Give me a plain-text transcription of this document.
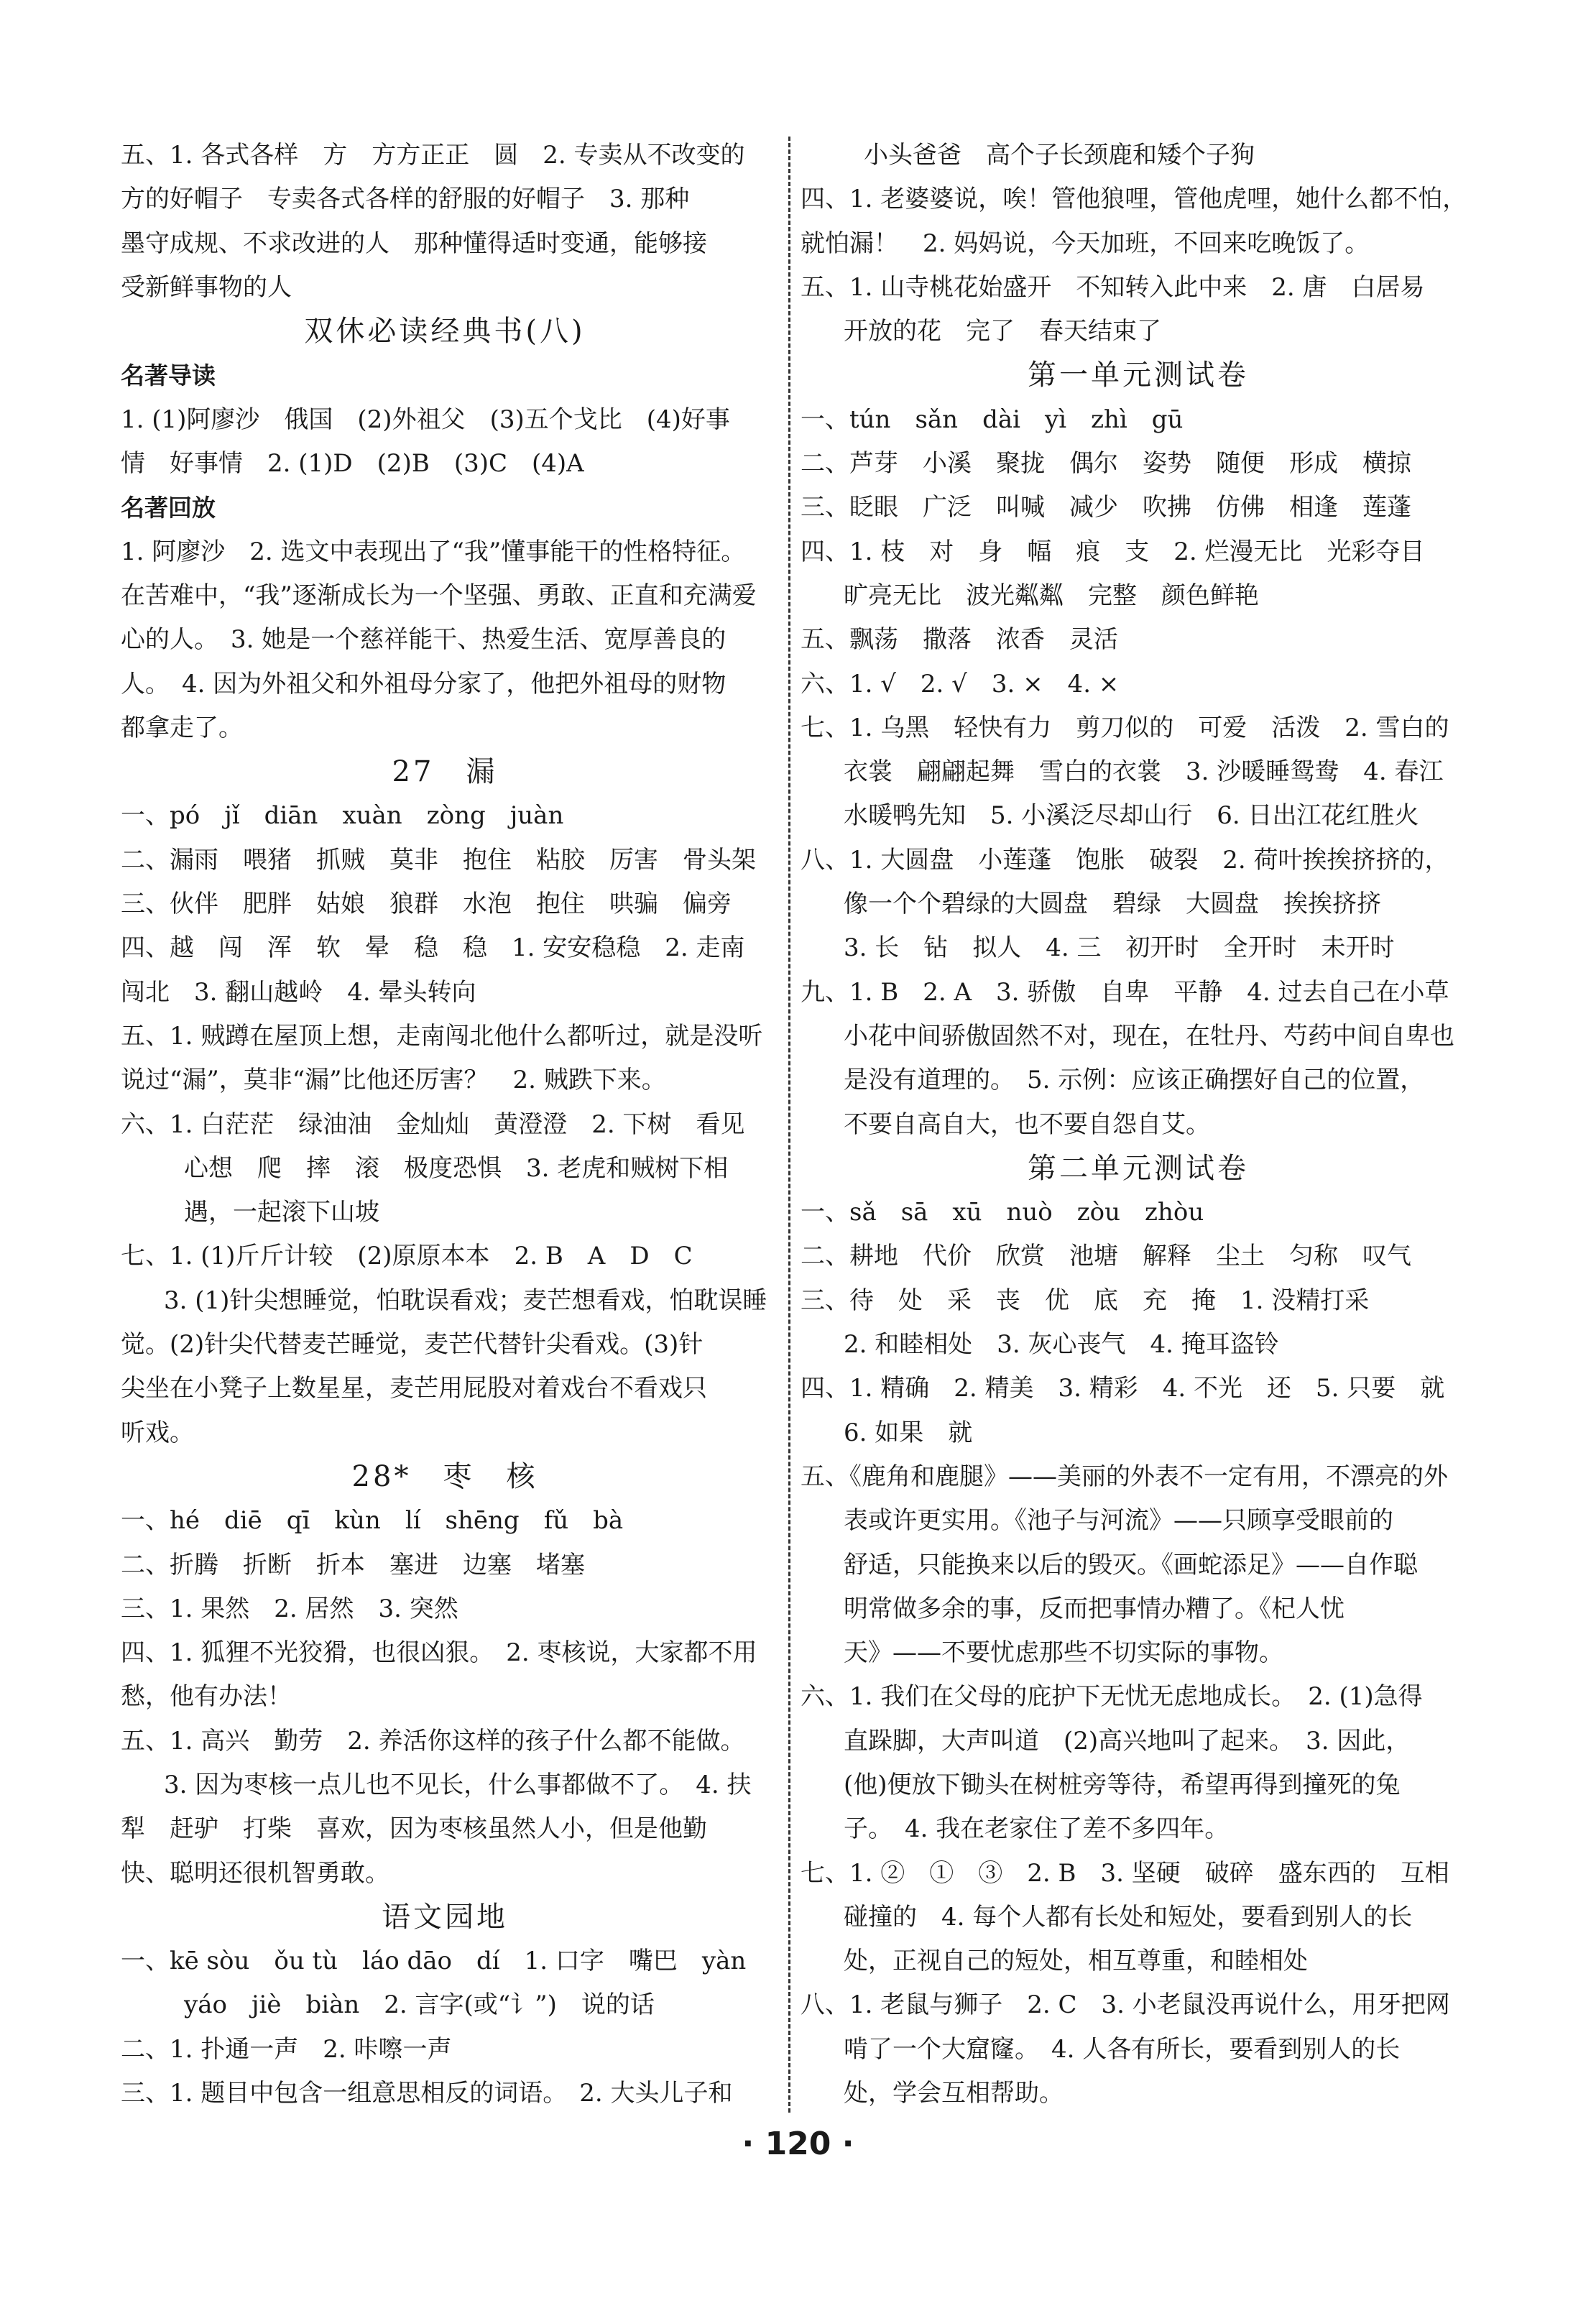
五、1. 各式各样　方　方方正正　圆　2. 专卖从不改变的
方的好帽子　专卖各式各样的舒服的好帽子　3. 那种
墨守成规、不求改进的人　那种懂得适时变通，能够接
受新鲜事物的人
双休必读经典书(八)
名著导读
1. (1)阿廖沙　俄国　(2)外祖父　(3)五个戈比　(4)好事
情　好事情　2. (1)D　(2)B　(3)C　(4)A
名著回放
1. 阿廖沙　2. 选文中表现出了“我”懂事能干的性格特征。
在苦难中，“我”逐渐成长为一个坚强、勇敢、正直和充满爱
心的人。　3. 她是一个慈祥能干、热爱生活、宽厚善良的
人。　4. 因为外祖父和外祖母分家了，他把外祖母的财物
都拿走了。
27　漏
一、pó　jǐ　diān　xuàn　zòng　juàn
二、漏雨　喂猪　抓贼　莫非　抱住　粘胶　厉害　骨头架
三、伙伴　肥胖　姑娘　狼群　水泡　抱住　哄骗　偏旁
四、越　闯　浑　软　晕　稳　稳　1. 安安稳稳　2. 走南
闯北　3. 翻山越岭　4. 晕头转向
五、1. 贼蹲在屋顶上想，走南闯北他什么都听过，就是没听
说过“漏”，莫非“漏”比他还厉害？　2. 贼跌下来。
六、1. 白茫茫　绿油油　金灿灿　黄澄澄　2. 下树　看见
心想　爬　摔　滚　极度恐惧　3. 老虎和贼树下相
遇，一起滚下山坡
七、1. (1)斤斤计较　(2)原原本本　2. B　A　D　C
3. (1)针尖想睡觉，怕耽误看戏；麦芒想看戏，怕耽误睡
觉。(2)针尖代替麦芒睡觉，麦芒代替针尖看戏。(3)针
尖坐在小凳子上数星星，麦芒用屁股对着戏台不看戏只
听戏。
28*　枣　核
一、hé　diē　qī　kùn　lí　shēng　fǔ　bà
二、折腾　折断　折本　塞进　边塞　堵塞
三、1. 果然　2. 居然　3. 突然
四、1. 狐狸不光狡猾，也很凶狠。　2. 枣核说，大家都不用
愁，他有办法！
五、1. 高兴　勤劳　2. 养活你这样的孩子什么都不能做。
3. 因为枣核一点儿也不见长，什么事都做不了。　4. 扶
犁　赶驴　打柴　喜欢，因为枣核虽然人小，但是他勤
快、聪明还很机智勇敢。
语文园地
一、kē sòu　ǒu tù　láo dāo　dí　1. 口字　嘴巴　yàn
yáo　jiè　biàn　2. 言字(或“讠”)　说的话
二、1. 扑通一声　2. 咔嚓一声
三、1. 题目中包含一组意思相反的词语。　2. 大头儿子和
小头爸爸　高个子长颈鹿和矮个子狗
四、1. 老婆婆说，唉！管他狼哩，管他虎哩，她什么都不怕，
就怕漏！　2. 妈妈说，今天加班，不回来吃晚饭了。
五、1. 山寺桃花始盛开　不知转入此中来　2. 唐　白居易
开放的花　完了　春天结束了
第一单元测试卷
一、tún　sǎn　dài　yì　zhì　gū
二、芦芽　小溪　聚拢　偶尔　姿势　随便　形成　横掠
三、眨眼　广泛　叫喊　减少　吹拂　仿佛　相逢　莲蓬
四、1. 枝　对　身　幅　痕　支　2. 烂漫无比　光彩夺目
旷亮无比　波光粼粼　完整　颜色鲜艳
五、飘荡　撒落　浓香　灵活
六、1. √　2. √　3. ×　4. ×
七、1. 乌黑　轻快有力　剪刀似的　可爱　活泼　2. 雪白的
衣裳　翩翩起舞　雪白的衣裳　3. 沙暖睡鸳鸯　4. 春江
水暖鸭先知　5. 小溪泛尽却山行　6. 日出江花红胜火
八、1. 大圆盘　小莲蓬　饱胀　破裂　2. 荷叶挨挨挤挤的，
像一个个碧绿的大圆盘　碧绿　大圆盘　挨挨挤挤
3. 长　钻　拟人　4. 三　初开时　全开时　未开时
九、1. B　2. A　3. 骄傲　自卑　平静　4. 过去自己在小草
小花中间骄傲固然不对，现在，在牡丹、芍药中间自卑也
是没有道理的。　5. 示例：应该正确摆好自己的位置，
不要自高自大，也不要自怨自艾。
第二单元测试卷
一、sǎ　sā　xū　nuò　zòu　zhòu
二、耕地　代价　欣赏　池塘　解释　尘土　匀称　叹气
三、待　处　采　丧　优　底　充　掩　1. 没精打采
2. 和睦相处　3. 灰心丧气　4. 掩耳盗铃
四、1. 精确　2. 精美　3. 精彩　4. 不光　还　5. 只要　就
6. 如果　就
五、《鹿角和鹿腿》——美丽的外表不一定有用，不漂亮的外
表或许更实用。《池子与河流》——只顾享受眼前的
舒适，只能换来以后的毁灭。《画蛇添足》——自作聪
明常做多余的事，反而把事情办糟了。《杞人忧
天》——不要忧虑那些不切实际的事物。
六、1. 我们在父母的庇护下无忧无虑地成长。　2. (1)急得
直跺脚，大声叫道　(2)高兴地叫了起来。　3. 因此，
(他)便放下锄头在树桩旁等待，希望再得到撞死的兔
子。　4. 我在老家住了差不多四年。
七、1. ②　①　③　2. B　3. 坚硬　破碎　盛东西的　互相
碰撞的　4. 每个人都有长处和短处，要看到别人的长
处，正视自己的短处，相互尊重，和睦相处
八、1. 老鼠与狮子　2. C　3. 小老鼠没再说什么，用牙把网
啃了一个大窟窿。　4. 人各有所长，要看到别人的长
处，学会互相帮助。
· 120 ·
